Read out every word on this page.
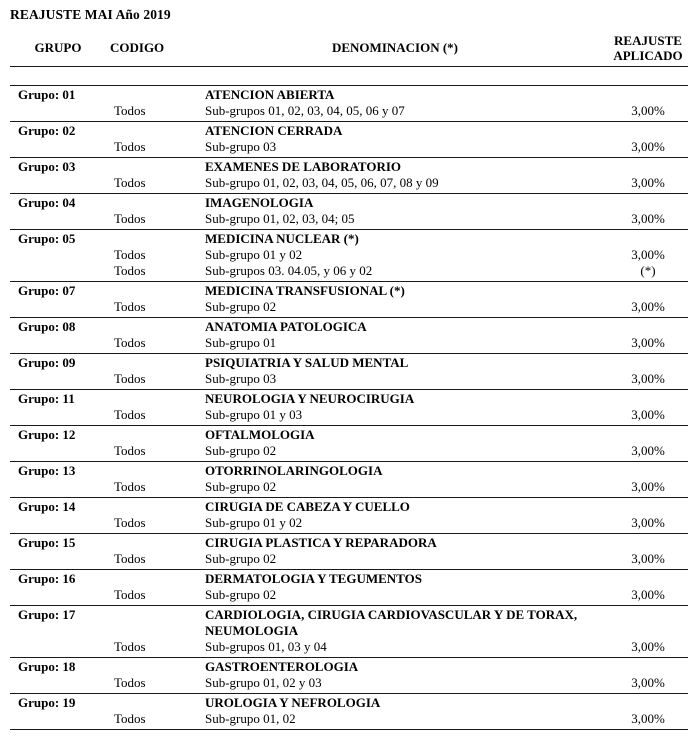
REAJUSTE MAI Año 2019
GRUPO	CODIGO	DENOMINACION (*)	REAJUSTE
APLICADO
Grupo: 01	ATENCION ABIERTA
Todos	Sub-grupos 01, 02, 03, 04, 05, 06 y 07	3,00%
Grupo: 02	ATENCION CERRADA
Todos	Sub-grupo 03	3,00%
Grupo: 03	EXAMENES DE LABORATORIO
Todos	Sub-grupo 01, 02, 03, 04, 05, 06, 07, 08 y 09	3,00%
Grupo: 04	IMAGENOLOGIA
Todos	Sub-grupo 01, 02, 03, 04; 05	3,00%
Grupo: 05	MEDICINA NUCLEAR (*)
Todos	Sub-grupo 01 y 02	3,00%
Todos	Sub-grupos 03. 04.05, y 06 y 02	(*)
Grupo: 07	MEDICINA TRANSFUSIONAL (*)
Todos	Sub-grupo 02	3,00%
Grupo: 08	ANATOMIA PATOLOGICA
Todos	Sub-grupo 01	3,00%
Grupo: 09	PSIQUIATRIA Y SALUD MENTAL
Todos	Sub-grupo 03	3,00%
Grupo: 11	NEUROLOGIA Y NEUROCIRUGIA
Todos	Sub-grupo 01 y 03	3,00%
Grupo: 12	OFTALMOLOGIA
Todos	Sub-grupo 02	3,00%
Grupo: 13	OTORRINOLARINGOLOGIA
Todos	Sub-grupo 02	3,00%
Grupo: 14	CIRUGIA DE CABEZA Y CUELLO
Todos	Sub-grupo 01 y 02	3,00%
Grupo: 15	CIRUGIA PLASTICA Y REPARADORA
Todos	Sub-grupo 02	3,00%
Grupo: 16	DERMATOLOGIA Y TEGUMENTOS
Todos	Sub-grupo 02	3,00%
Grupo: 17	CARDIOLOGIA, CIRUGIA CARDIOVASCULAR Y DE TORAX, NEUMOLOGIA
Todos	Sub-grupos 01, 03 y 04	3,00%
Grupo: 18	GASTROENTEROLOGIA
Todos	Sub-grupo 01, 02 y 03	3,00%
Grupo: 19	UROLOGIA Y NEFROLOGIA
Todos	Sub-grupo 01, 02	3,00%
